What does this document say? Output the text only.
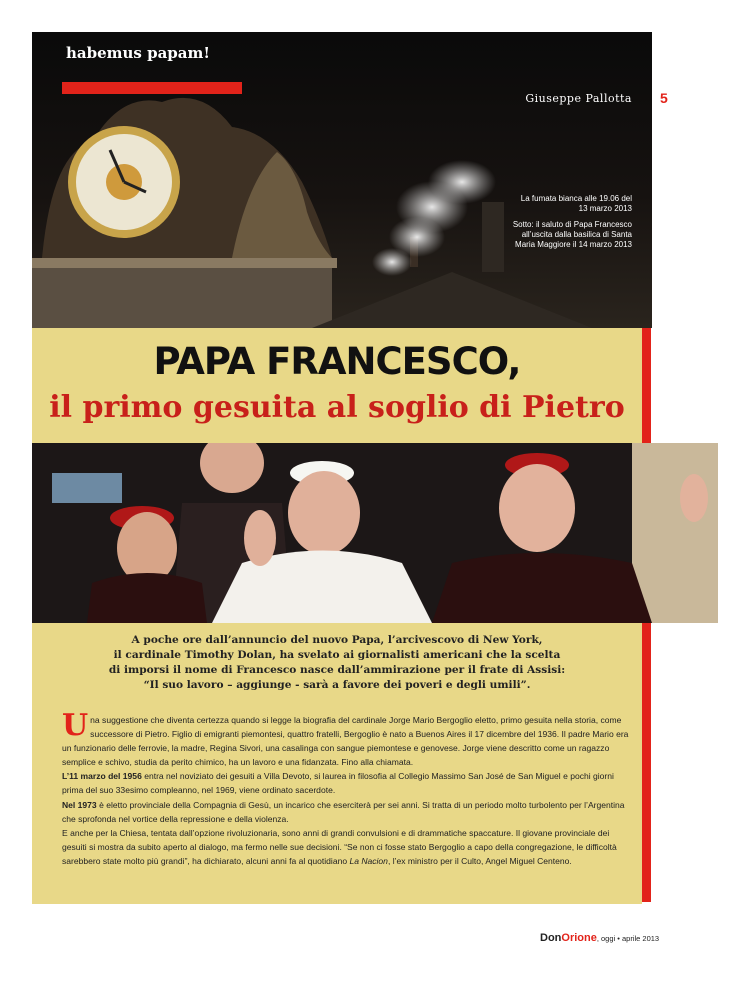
5
habemus papam!
Giuseppe Pallotta

La fumata bianca alle 19.06 del 13 marzo 2013

Sotto: il saluto di Papa Francesco all’uscita dalla basilica di Santa Maria Maggiore il 14 marzo 2013

PAPA FRANCESCO,
il primo gesuita al soglio di Pietro

A poche ore dall’annuncio del nuovo Papa, l’arcivescovo di New York,

il cardinale Timothy Dolan, ha svelato ai giornalisti americani che la scelta

di imporsi il nome di Francesco nasce dall’ammirazione per il frate di Assisi:

“Il suo lavoro – aggiunge - sarà a favore dei poveri e degli umili”.

Una suggestione che diventa certezza quando si legge la biografia del cardinale Jorge Mario Bergoglio eletto, primo gesuita nella storia, come successore di Pietro. Figlio di emigranti piemontesi, quattro fratelli, Bergoglio è nato a Buenos Aires il 17 dicembre del 1936. Il padre Mario era un funzionario delle ferrovie, la madre, Regina Sivori, una casalinga con sangue piemontese e genovese. Jorge viene descritto come un ragazzo semplice e schivo, studia da perito chimico, ha un lavoro e una fidanzata. Fino alla chiamata.

L’11 marzo del 1956 entra nel noviziato dei gesuiti a Villa Devoto, si laurea in filosofia al Collegio Massimo San José de San Miguel e pochi giorni prima del suo 33esimo compleanno, nel 1969, viene ordinato sacerdote.

Nel 1973 è eletto provinciale della Compagnia di Gesù, un incarico che eserciterà per sei anni. Si tratta di un periodo molto turbolento per l’Argentina che sprofonda nel vortice della repressione e della violenza.

E anche per la Chiesa, tentata dall’opzione rivoluzionaria, sono anni di grandi convulsioni e di drammatiche spaccature. Il giovane provinciale dei gesuiti si mostra da subito aperto al dialogo, ma fermo nelle sue decisioni. “Se non ci fosse stato Bergoglio a capo della congregazione, le difficoltà sarebbero state molto più grandi”, ha dichiarato, alcuni anni fa al quotidiano La Nacion, l’ex ministro per il Culto, Angel Miguel Centeno.

DonOrione, oggi • aprile 2013
